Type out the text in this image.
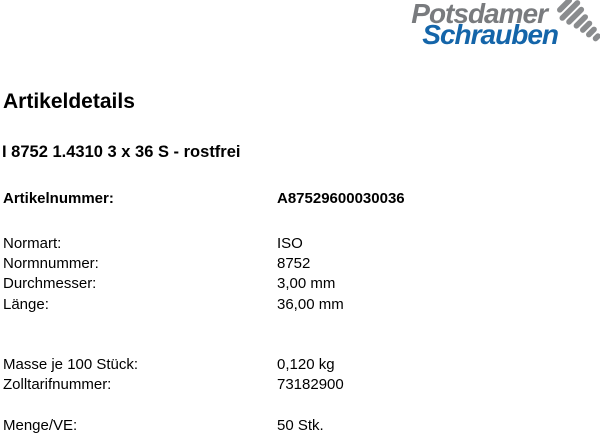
Potsdamer
Schrauben
Artikeldetails
I 8752 1.4310 3 x 36 S - rostfrei
Artikelnummer:	A87529600030036
Normart:	ISO
Normnummer:	8752
Durchmesser:	3,00 mm
Länge:	36,00 mm
Masse je 100 Stück:	0,120 kg
Zolltarifnummer:	73182900
Menge/VE:	50 Stk.
